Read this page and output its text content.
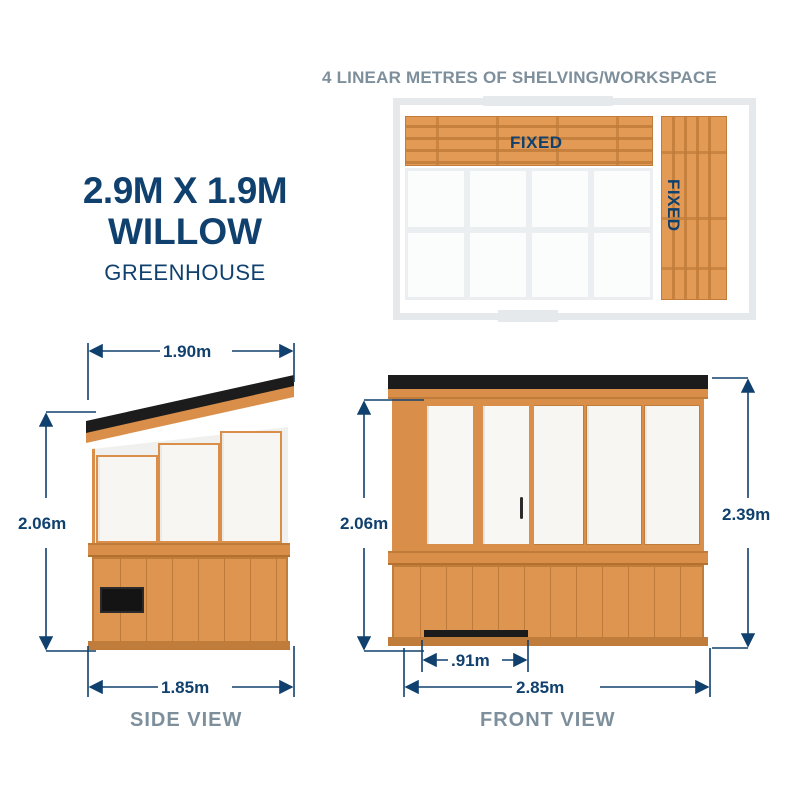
2.9M X 1.9M
WILLOW
GREENHOUSE
4 LINEAR METRES OF SHELVING/WORKSPACE
FIXED
FIXED
1.90m
2.06m
1.85m
2.06m	2.39m
.91m
2.85m
SIDE VIEW	FRONT VIEW
